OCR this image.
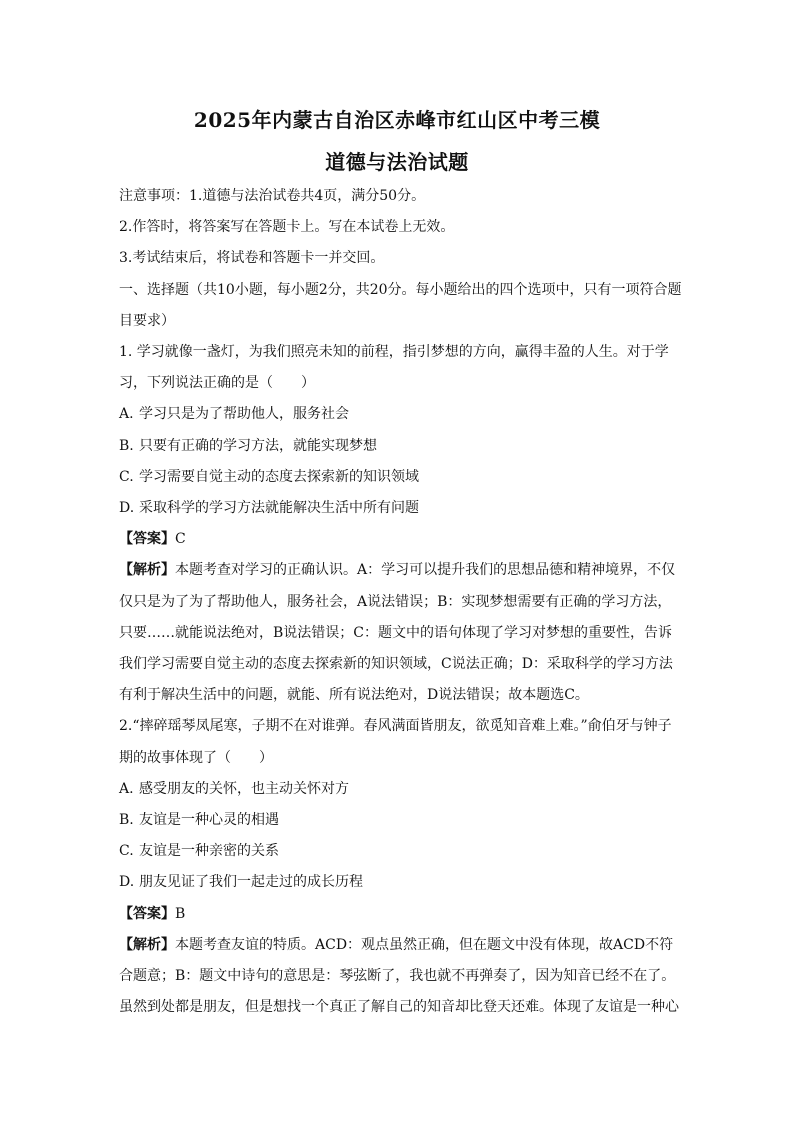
2025年内蒙古自治区赤峰市红山区中考三模
道德与法治试题

注意事项：1.道德与法治试卷共4页，满分50分。

2.作答时，将答案写在答题卡上。写在本试卷上无效。

3.考试结束后，将试卷和答题卡一并交回。

一、选择题（共10小题，每小题2分，共20分。每小题给出的四个选项中，只有一项符合题目要求）

1. 学习就像一盏灯，为我们照亮未知的前程，指引梦想的方向，赢得丰盈的人生。对于学习，下列说法正确的是（　　）

A. 学习只是为了帮助他人，服务社会

B. 只要有正确的学习方法，就能实现梦想

C. 学习需要自觉主动的态度去探索新的知识领域

D. 采取科学的学习方法就能解决生活中所有问题

【答案】C

【解析】本题考查对学习的正确认识。A：学习可以提升我们的思想品德和精神境界，不仅仅只是为了为了帮助他人，服务社会，A说法错误；B：实现梦想需要有正确的学习方法，只要……就能说法绝对，B说法错误；C：题文中的语句体现了学习对梦想的重要性，告诉我们学习需要自觉主动的态度去探索新的知识领域，C说法正确；D：采取科学的学习方法有利于解决生活中的问题，就能、所有说法绝对，D说法错误；故本题选C。

2.“摔碎瑶琴凤尾寒，子期不在对谁弹。春风满面皆朋友，欲觅知音难上难。”俞伯牙与钟子期的故事体现了（　　）

A. 感受朋友的关怀，也主动关怀对方

B. 友谊是一种心灵的相遇

C. 友谊是一种亲密的关系

D. 朋友见证了我们一起走过的成长历程

【答案】B

【解析】本题考查友谊的特质。ACD：观点虽然正确，但在题文中没有体现，故ACD不符合题意；B：题文中诗句的意思是：琴弦断了，我也就不再弹奏了，因为知音已经不在了。虽然到处都是朋友，但是想找一个真正了解自己的知音却比登天还难。体现了友谊是一种心
